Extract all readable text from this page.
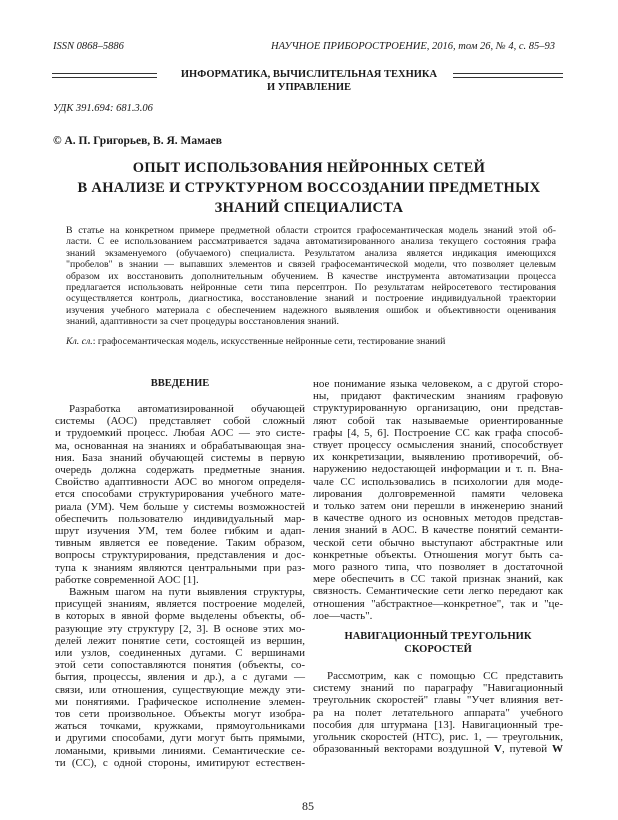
ISSN 0868–5886	НАУЧНОЕ ПРИБОРОСТРОЕНИЕ, 2016, том 26, № 4, с. 85–93
ИНФОРМАТИКА, ВЫЧИСЛИТЕЛЬНАЯ ТЕХНИКА
И УПРАВЛЕНИЕ
УДК 391.694: 681.3.06
© А. П. Григорьев, В. Я. Мамаев
ОПЫТ ИСПОЛЬЗОВАНИЯ НЕЙРОННЫХ СЕТЕЙ
В АНАЛИЗЕ И СТРУКТУРНОМ ВОССОЗДАНИИ ПРЕДМЕТНЫХ
ЗНАНИЙ СПЕЦИАЛИСТА
В статье на конкретном примере предметной области строится графосемантическая модель знаний этой об-
ласти. С ее использованием рассматривается задача автоматизированного анализа текущего состояния графа
знаний экзаменуемого (обучаемого) специалиста. Результатом анализа является индикация имеющихся
"пробелов" в знании — выпавших элементов и связей графосемантической модели, что позволяет целевым
образом их восстановить дополнительным обучением. В качестве инструмента автоматизации процесса
предлагается использовать нейронные сети типа персептрон. По результатам нейросетевого тестирования
осуществляется контроль, диагностика, восстановление знаний и построение индивидуальной траектории
изучения учебного материала с обеспечением надежного выявления ошибок и объективности оценивания
знаний, адаптивности за счет процедуры восстановления знаний.
Кл. сл.: графосемантическая модель, искусственные нейронные сети, тестирование знаний
ВВЕДЕНИЕ
Разработка автоматизированной обучающей
системы (АОС) представляет собой сложный
и трудоемкий процесс. Любая АОС — это систе-
ма, основанная на знаниях и обрабатывающая зна-
ния. База знаний обучающей системы в первую
очередь должна содержать предметные знания.
Свойство адаптивности АОС во многом определя-
ется способами структурирования учебного мате-
риала (УМ). Чем больше у системы возможностей
обеспечить пользователю индивидуальный мар-
шрут изучения УМ, тем более гибким и адап-
тивным является ее поведение. Таким образом,
вопросы структурирования, представления и дос-
тупа к знаниям являются центральными при раз-
работке современной АОС [1].
Важным шагом на пути выявления структуры,
присущей знаниям, является построение моделей,
в которых в явной форме выделены объекты, об-
разующие эту структуру [2, 3]. В основе этих мо-
делей лежит понятие сети, состоящей из вершин,
или узлов, соединенных дугами. С вершинами
этой сети сопоставляются понятия (объекты, со-
бытия, процессы, явления и др.), а с дугами —
связи, или отношения, существующие между эти-
ми понятиями. Графическое исполнение элемен-
тов сети произвольное. Объекты могут изобра-
жаться точками, кружками, прямоугольниками
и другими способами, дуги могут быть прямыми,
ломаными, кривыми линиями. Семантические се-
ти (СС), с одной стороны, имитируют естествен-
ное понимание языка человеком, а с другой сторо-
ны, придают фактическим знаниям графовую
структурированную организацию, они представ-
ляют собой так называемые ориентированные
графы [4, 5, 6]. Построение СС как графа способ-
ствует процессу осмысления знаний, способствует
их конкретизации, выявлению противоречий, об-
наружению недостающей информации и т. п. Вна-
чале СС использовались в психологии для моде-
лирования долговременной памяти человека
и только затем они перешли в инженерию знаний
в качестве одного из основных методов представ-
ления знаний в АОС. В качестве понятий семанти-
ческой сети обычно выступают абстрактные или
конкретные объекты. Отношения могут быть са-
мого разного типа, что позволяет в достаточной
мере обеспечить в СС такой признак знаний, как
связность. Семантические сети легко передают как
отношения "абстрактное—конкретное", так и "це-
лое—часть".
НАВИГАЦИОННЫЙ ТРЕУГОЛЬНИК
СКОРОСТЕЙ
Рассмотрим, как с помощью СС представить
систему знаний по параграфу "Навигационный
треугольник скоростей" главы "Учет влияния вет-
ра на полет летательного аппарата" учебного
пособия для штурмана [13]. Навигационный тре-
угольник скоростей (НТС), рис. 1, — треугольник,
образованный векторами воздушной V, путевой W
85
